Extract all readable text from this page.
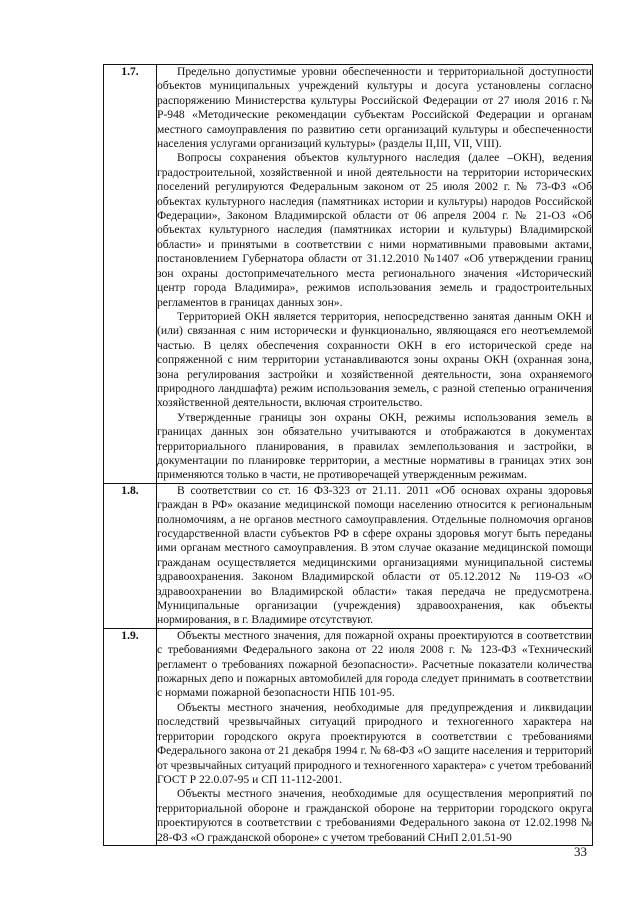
1.7.	Предельно допустимые уровни обеспеченности и территориальной доступности объектов муниципальных учреждений культуры и досуга установлены согласно распоряжению Министерства культуры Российской Федерации от 27 июля 2016 г.№ Р-948 «Методические рекомендации субъектам Российской Федерации и органам местного самоуправления по развитию сети организаций культуры и обеспеченности населения услугами организаций культуры» (разделы II,III, VII, VIII).

Вопросы сохранения объектов культурного наследия (далее –ОКН), ведения градостроительной, хозяйственной и иной деятельности на территории исторических поселений регулируются Федеральным законом от 25 июля 2002 г. № 73-ФЗ «Об объектах культурного наследия (памятниках истории и культуры) народов Российской Федерации», Законом Владимирской области от 06 апреля 2004 г. № 21-ОЗ «Об объектах культурного наследия (памятниках истории и культуры) Владимирской области» и принятыми в соответствии с ними нормативными правовыми актами, постановлением Губернатора области от 31.12.2010 №1407 «Об утверждении границ зон охраны достопримечательного места регионального значения «Исторический центр города Владимира», режимов использования земель и градостроительных регламентов в границах данных зон».

Территорией ОКН является территория, непосредственно занятая данным ОКН и (или) связанная с ним исторически и функционально, являющаяся его неотъемлемой частью. В целях обеспечения сохранности ОКН в его исторической среде на сопряженной с ним территории устанавливаются зоны охраны ОКН (охранная зона, зона регулирования застройки и хозяйственной деятельности, зона охраняемого природного ландшафта) режим использования земель, с разной степенью ограничения хозяйственной деятельности, включая строительство.

Утвержденные границы зон охраны ОКН, режимы использования земель в границах данных зон обязательно учитываются и отображаются в документах территориального планирования, в правилах землепользования и застройки, в документации по планировке территории, а местные нормативы в границах этих зон применяются только в части, не противоречащей утвержденным режимам.

1.8.	В соответствии со ст. 16 ФЗ-323 от 21.11. 2011 «Об основах охраны здоровья граждан в РФ» оказание медицинской помощи населению относится к региональным полномочиям, а не органов местного самоуправления. Отдельные полномочия органов государственной власти субъектов РФ в сфере охраны здоровья могут быть переданы ими органам местного самоуправления. В этом случае оказание медицинской помощи гражданам осуществляется медицинскими организациями муниципальной системы здравоохранения. Законом Владимирской области от 05.12.2012 № 119-ОЗ «О здравоохранении во Владимирской области» такая передача не предусмотрена. Муниципальные организации (учреждения) здравоохранения, как объекты нормирования, в г. Владимире отсутствуют.

1.9.	Объекты местного значения, для пожарной охраны проектируются в соответствии с требованиями Федерального закона от 22 июля 2008 г. № 123-ФЗ «Технический регламент о требованиях пожарной безопасности». Расчетные показатели количества пожарных депо и пожарных автомобилей для города следует принимать в соответствии с нормами пожарной безопасности НПБ 101-95.

Объекты местного значения, необходимые для предупреждения и ликвидации последствий чрезвычайных ситуаций природного и техногенного характера на территории городского округа проектируются в соответствии с требованиями Федерального закона от 21 декабря 1994 г. № 68-ФЗ «О защите населения и территорий от чрезвычайных ситуаций природного и техногенного характера» с учетом требований ГОСТ Р 22.0.07-95 и СП 11-112-2001.

Объекты местного значения, необходимые для осуществления мероприятий по территориальной обороне и гражданской обороне на территории городского округа проектируются в соответствии с требованиями Федерального закона от 12.02.1998 № 28-ФЗ «О гражданской обороне» с учетом требований СНиП 2.01.51-90

33
